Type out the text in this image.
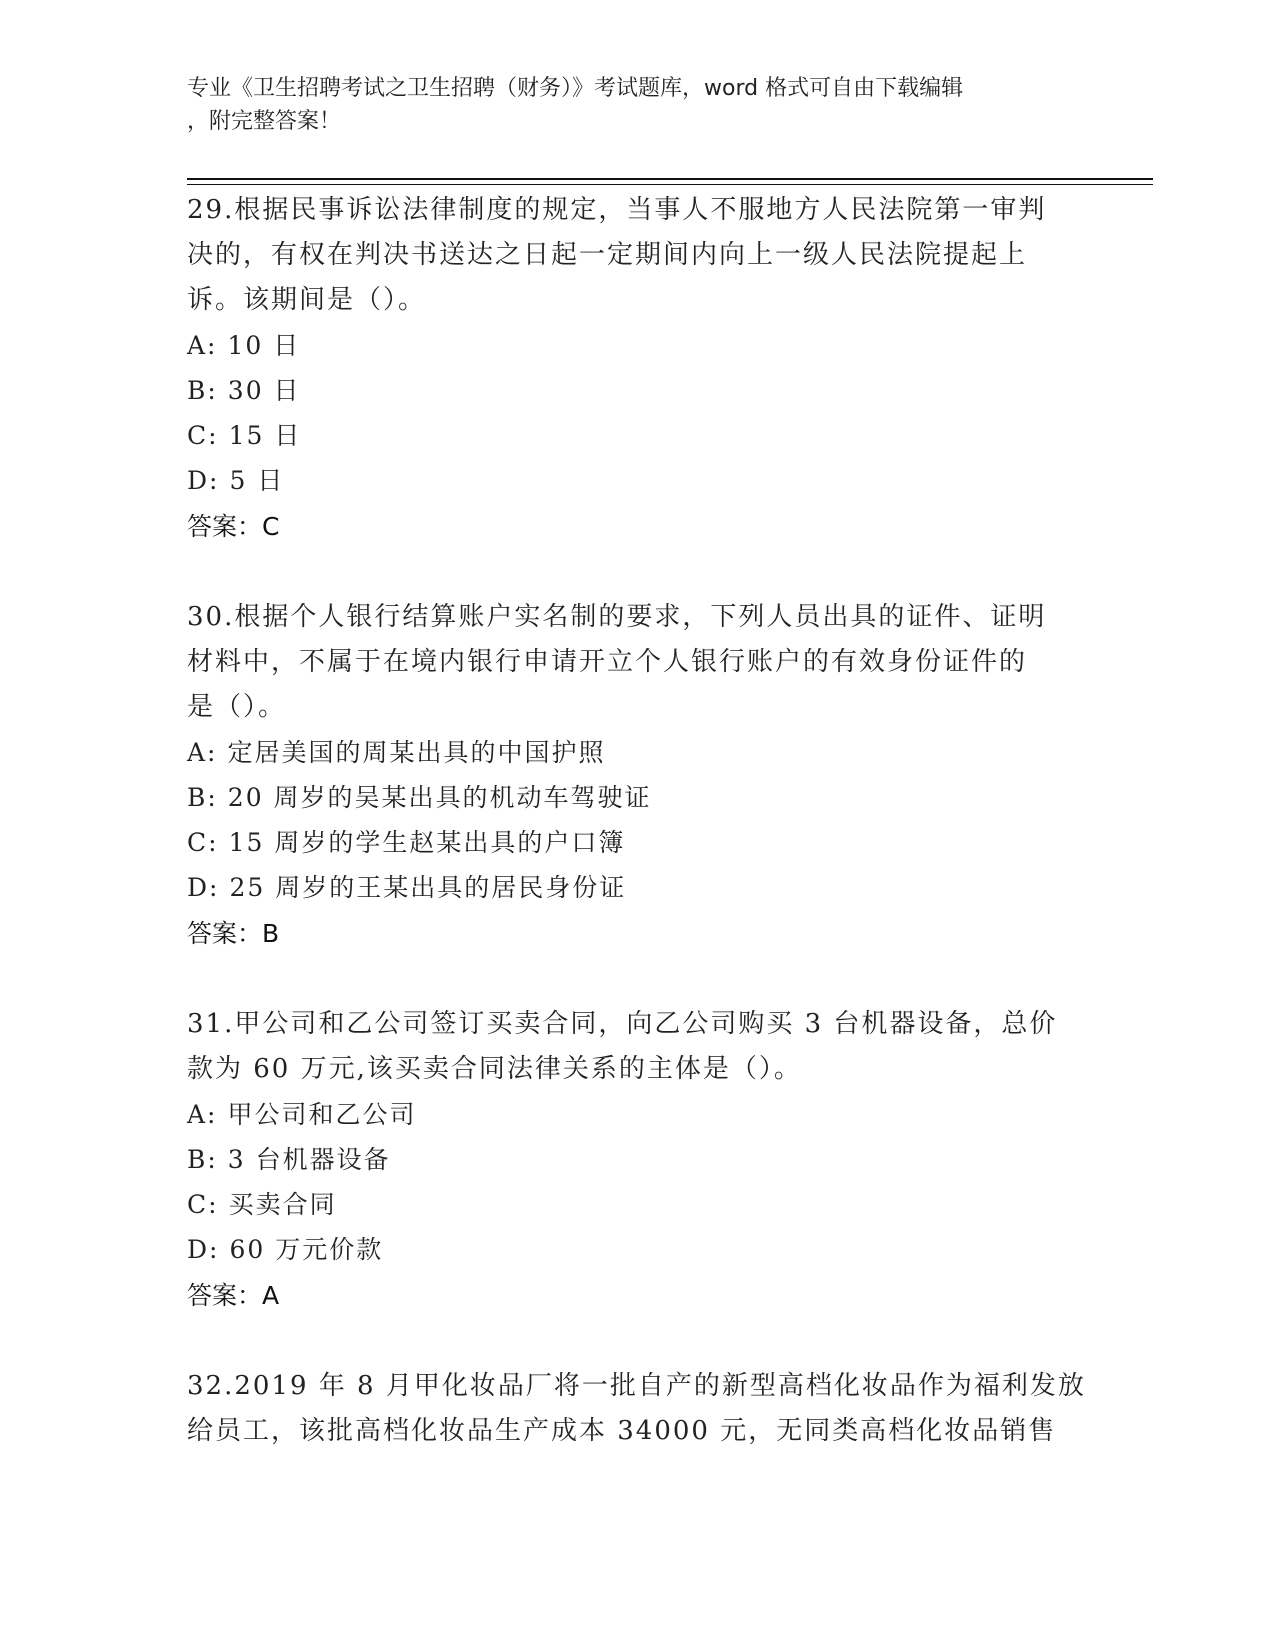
专业《卫生招聘考试之卫生招聘（财务）》考试题库，word 格式可自由下载编辑
，附完整答案！

29.根据民事诉讼法律制度的规定，当事人不服地方人民法院第一审判

决的，有权在判决书送达之日起一定期间内向上一级人民法院提起上

诉。该期间是（）。

A: 10 日

B: 30 日

C: 15 日

D: 5 日

答案：C

30.根据个人银行结算账户实名制的要求，下列人员出具的证件、证明

材料中，不属于在境内银行申请开立个人银行账户的有效身份证件的

是（）。

A: 定居美国的周某出具的中国护照

B: 20 周岁的吴某出具的机动车驾驶证

C: 15 周岁的学生赵某出具的户口簿

D: 25 周岁的王某出具的居民身份证

答案：B

31.甲公司和乙公司签订买卖合同，向乙公司购买 3 台机器设备，总价

款为 60 万元,该买卖合同法律关系的主体是（）。

A: 甲公司和乙公司

B: 3 台机器设备

C: 买卖合同

D: 60 万元价款

答案：A

32.2019 年 8 月甲化妆品厂将一批自产的新型高档化妆品作为福利发放

给员工，该批高档化妆品生产成本 34000 元，无同类高档化妆品销售
